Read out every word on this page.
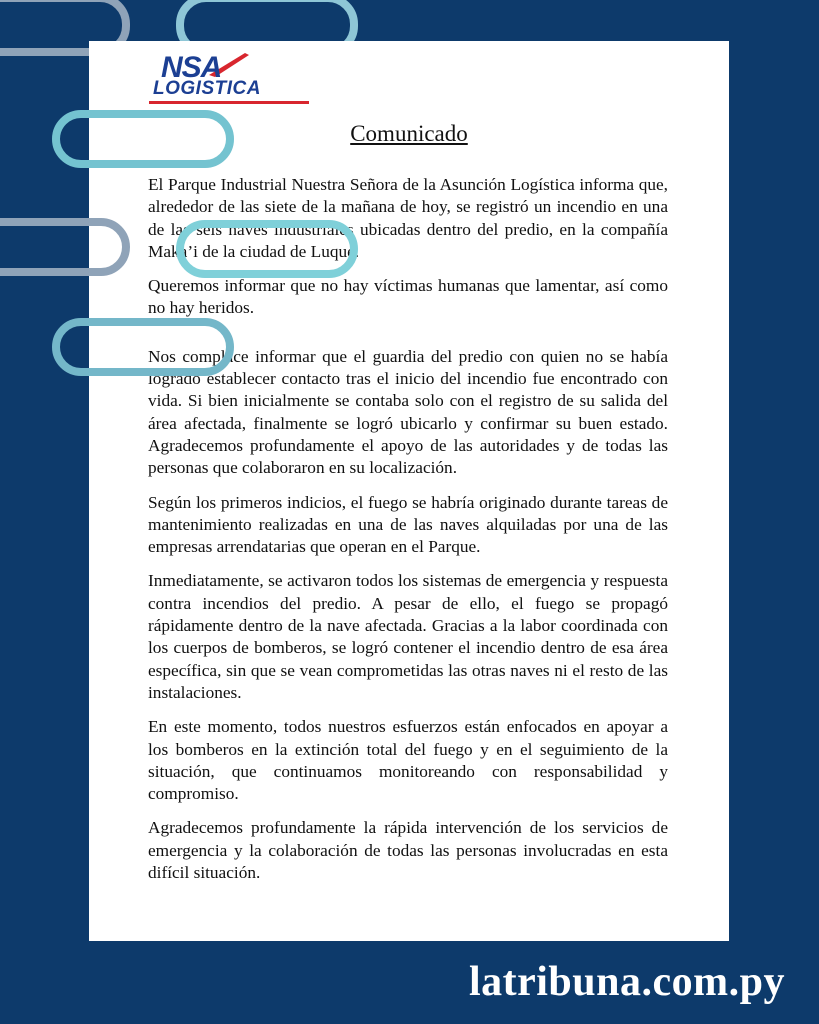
NSA
LOGISTICA
Comunicado

El Parque Industrial Nuestra Señora de la Asunción Logística informa que, alrededor de las siete de la mañana de hoy, se registró un incendio en una de las seis naves industriales ubicadas dentro del predio, en la compañía Maka’i de la ciudad de Luque.

Queremos informar que no hay víctimas humanas que lamentar, así como no hay heridos.

Nos complace informar que el guardia del predio con quien no se había logrado establecer contacto tras el inicio del incendio fue encontrado con vida. Si bien inicialmente se contaba solo con el registro de su salida del área afectada, finalmente se logró ubicarlo y confirmar su buen estado. Agradecemos profundamente el apoyo de las autoridades y de todas las personas que colaboraron en su localización.

Según los primeros indicios, el fuego se habría originado durante tareas de mantenimiento realizadas en una de las naves alquiladas por una de las empresas arrendatarias que operan en el Parque.

Inmediatamente, se activaron todos los sistemas de emergencia y respuesta contra incendios del predio. A pesar de ello, el fuego se propagó rápidamente dentro de la nave afectada. Gracias a la labor coordinada con los cuerpos de bomberos, se logró contener el incendio dentro de esa área específica, sin que se vean comprometidas las otras naves ni el resto de las instalaciones.

En este momento, todos nuestros esfuerzos están enfocados en apoyar a los bomberos en la extinción total del fuego y en el seguimiento de la situación, que continuamos monitoreando con responsabilidad y compromiso.

Agradecemos profundamente la rápida intervención de los servicios de emergencia y la colaboración de todas las personas involucradas en esta difícil situación.

latribuna.com.py
